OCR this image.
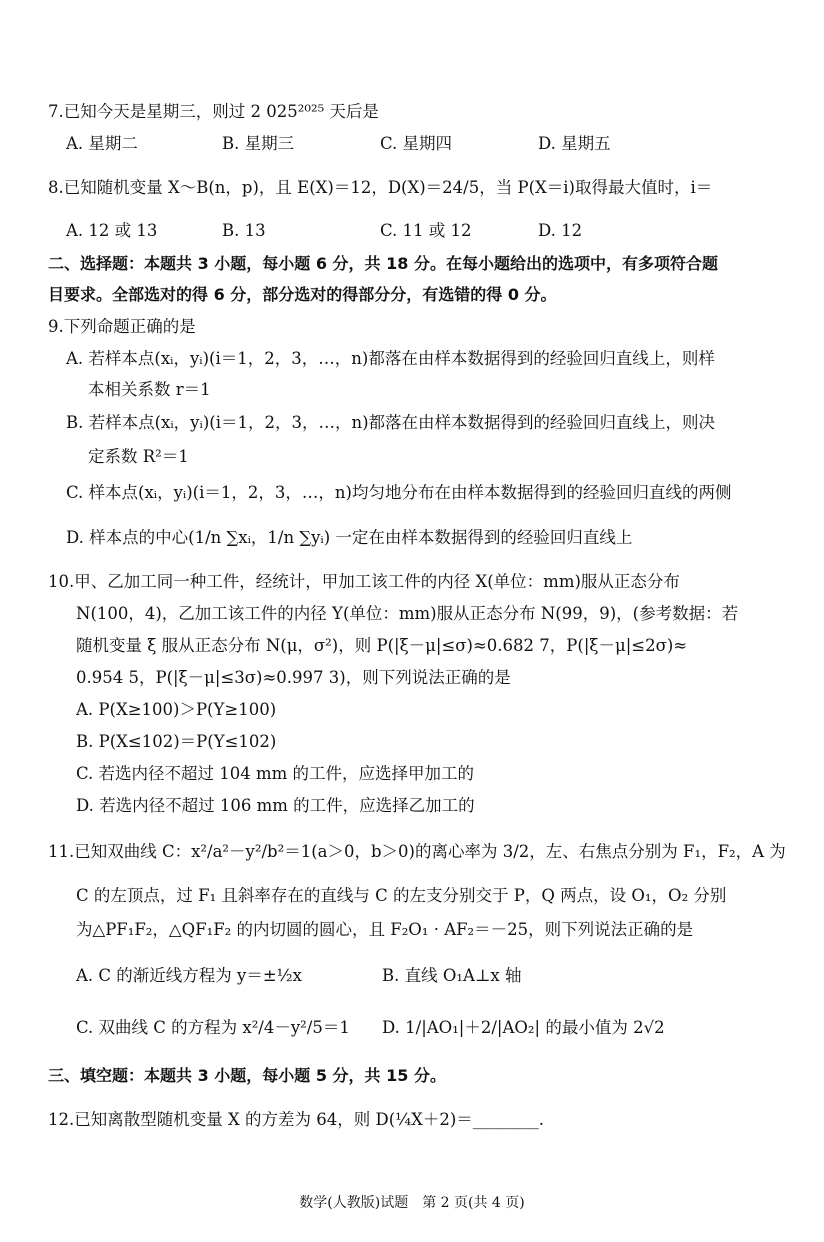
7.已知今天是星期三，则过 2 025²⁰²⁵ 天后是
A. 星期二	B. 星期三	C. 星期四	D. 星期五
8.已知随机变量 X～B(n，p)，且 E(X)＝12，D(X)＝24/5，当 P(X＝i)取得最大值时，i＝
A. 12 或 13	B. 13	C. 11 或 12	D. 12
二、选择题：本题共 3 小题，每小题 6 分，共 18 分。在每小题给出的选项中，有多项符合题
目要求。全部选对的得 6 分，部分选对的得部分分，有选错的得 0 分。
9.下列命题正确的是
A. 若样本点(xᵢ，yᵢ)(i＝1，2，3，…，n)都落在由样本数据得到的经验回归直线上，则样
本相关系数 r＝1
B. 若样本点(xᵢ，yᵢ)(i＝1，2，3，…，n)都落在由样本数据得到的经验回归直线上，则决
定系数 R²＝1
C. 样本点(xᵢ，yᵢ)(i＝1，2，3，…，n)均匀地分布在由样本数据得到的经验回归直线的两侧
D. 样本点的中心(1/n ∑xᵢ，1/n ∑yᵢ) 一定在由样本数据得到的经验回归直线上
10.甲、乙加工同一种工件，经统计，甲加工该工件的内径 X(单位：mm)服从正态分布
N(100，4)，乙加工该工件的内径 Y(单位：mm)服从正态分布 N(99，9)，(参考数据：若
随机变量 ξ 服从正态分布 N(μ，σ²)，则 P(|ξ－μ|≤σ)≈0.682 7，P(|ξ－μ|≤2σ)≈
0.954 5，P(|ξ－μ|≤3σ)≈0.997 3)，则下列说法正确的是
A. P(X≥100)＞P(Y≥100)
B. P(X≤102)＝P(Y≤102)
C. 若选内径不超过 104 mm 的工件，应选择甲加工的
D. 若选内径不超过 106 mm 的工件，应选择乙加工的
11.已知双曲线 C：x²/a²－y²/b²＝1(a＞0，b＞0)的离心率为 3/2，左、右焦点分别为 F₁，F₂，A 为
C 的左顶点，过 F₁ 且斜率存在的直线与 C 的左支分别交于 P，Q 两点，设 O₁，O₂ 分别
为△PF₁F₂，△QF₁F₂ 的内切圆的圆心，且 F₂O₁ · AF₂＝－25，则下列说法正确的是
A. C 的渐近线方程为 y＝±½x	B. 直线 O₁A⊥x 轴
C. 双曲线 C 的方程为 x²/4－y²/5＝1 D. 1/|AO₁|＋2/|AO₂| 的最小值为 2√2
三、填空题：本题共 3 小题，每小题 5 分，共 15 分。
12.已知离散型随机变量 X 的方差为 64，则 D(¼X＋2)＝________.
数学(人教版)试题　第 2 页(共 4 页)
